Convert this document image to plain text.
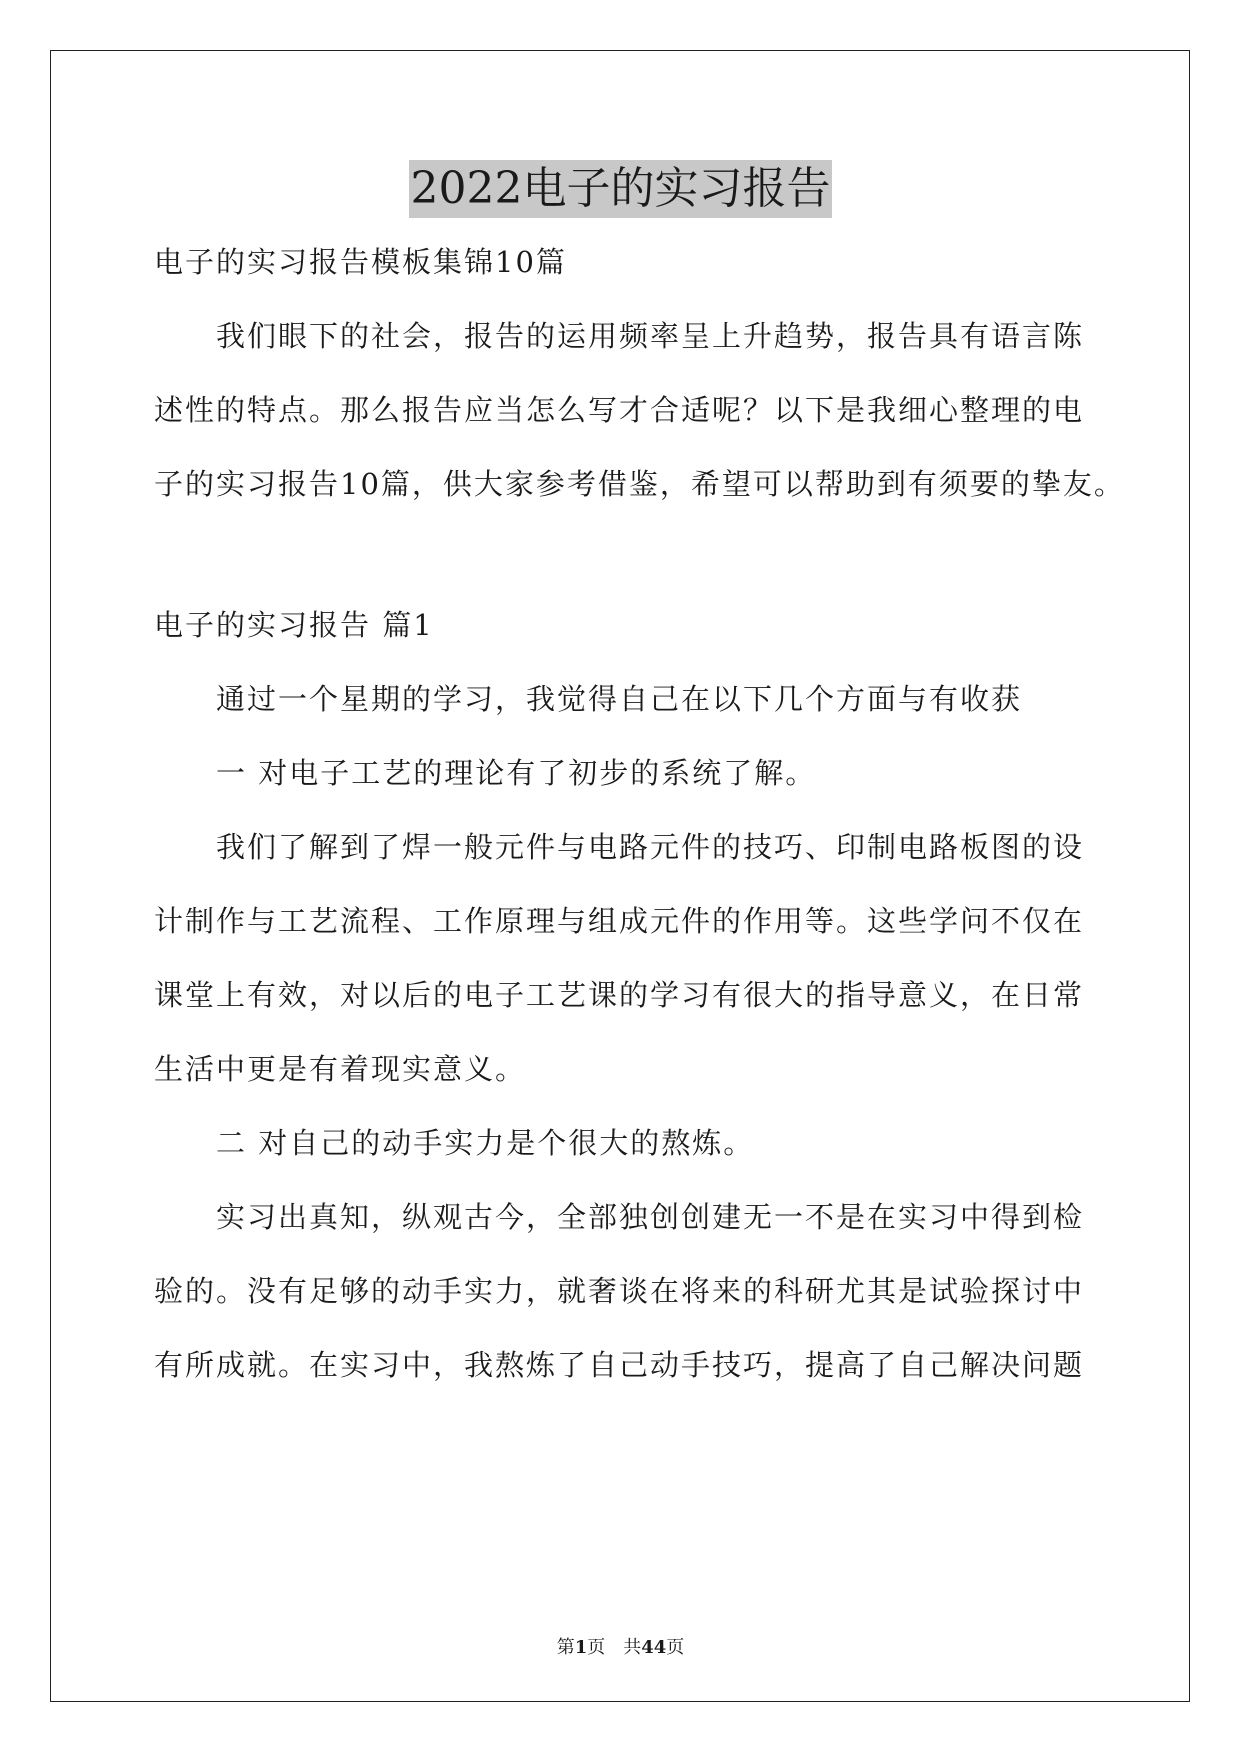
2022电子的实习报告
电子的实习报告模板集锦10篇
我们眼下的社会，报告的运用频率呈上升趋势，报告具有语言陈
述性的特点。那么报告应当怎么写才合适呢？以下是我细心整理的电
子的实习报告10篇，供大家参考借鉴，希望可以帮助到有须要的挚友。
电子的实习报告 篇1
通过一个星期的学习，我觉得自己在以下几个方面与有收获
一 对电子工艺的理论有了初步的系统了解。
我们了解到了焊一般元件与电路元件的技巧、印制电路板图的设
计制作与工艺流程、工作原理与组成元件的作用等。这些学问不仅在
课堂上有效，对以后的电子工艺课的学习有很大的指导意义，在日常
生活中更是有着现实意义。
二 对自己的动手实力是个很大的熬炼。
实习出真知，纵观古今，全部独创创建无一不是在实习中得到检
验的。没有足够的动手实力，就奢谈在将来的科研尤其是试验探讨中
有所成就。在实习中，我熬炼了自己动手技巧，提高了自己解决问题
第1页　共44页
